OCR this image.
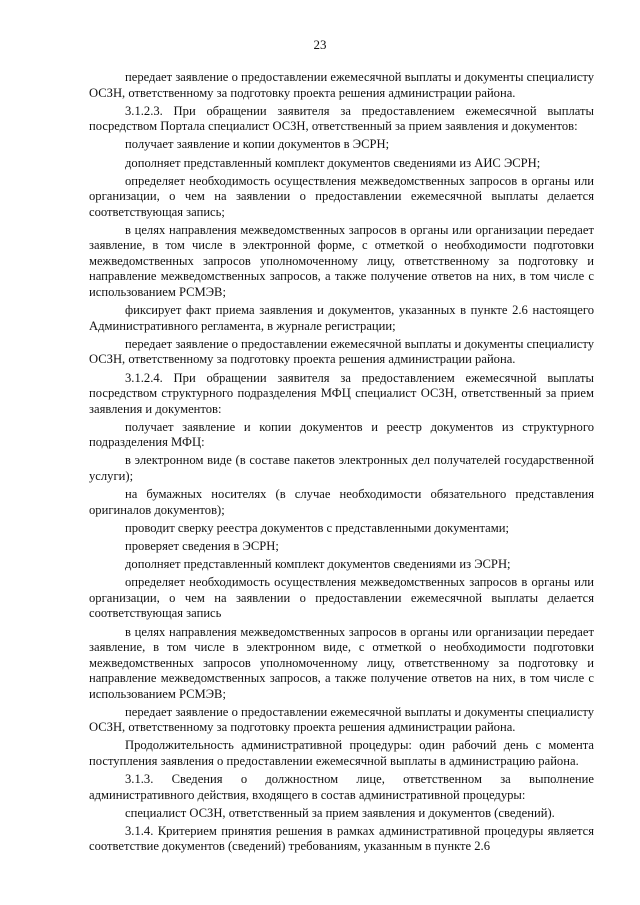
23

передает заявление о предоставлении ежемесячной выплаты и документы специалисту ОСЗН, ответственному за подготовку проекта решения администрации района.

3.1.2.3. При обращении заявителя за предоставлением ежемесячной выплаты посредством Портала специалист ОСЗН, ответственный за прием заявления и документов:

получает заявление и копии документов в ЭСРН;

дополняет представленный комплект документов сведениями из АИС ЭСРН;

определяет необходимость осуществления межведомственных запросов в органы или организации, о чем на заявлении о предоставлении ежемесячной выплаты делается соответствующая запись;

в целях направления межведомственных запросов в органы или организации передает заявление, в том числе в электронной форме, с отметкой о необходимости подготовки межведомственных запросов уполномоченному лицу, ответственному за подготовку и направление межведомственных запросов, а также получение ответов на них, в том числе с использованием РСМЭВ;

фиксирует факт приема заявления и документов, указанных в пункте 2.6 настоящего Административного регламента, в журнале регистрации;

передает заявление о предоставлении ежемесячной выплаты и документы специалисту ОСЗН, ответственному за подготовку проекта решения администрации района.

3.1.2.4. При обращении заявителя за предоставлением ежемесячной выплаты посредством структурного подразделения МФЦ специалист ОСЗН, ответственный за прием заявления и документов:

получает заявление и копии документов и реестр документов из структурного подразделения МФЦ:

в электронном виде (в составе пакетов электронных дел получателей государственной услуги);

на бумажных носителях (в случае необходимости обязательного представления оригиналов документов);

проводит сверку реестра документов с представленными документами;

проверяет сведения в ЭСРН;

дополняет представленный комплект документов сведениями из ЭСРН;

определяет необходимость осуществления межведомственных запросов в органы или организации, о чем на заявлении о предоставлении ежемесячной выплаты делается соответствующая запись

в целях направления межведомственных запросов в органы или организации передает заявление, в том числе в электронном виде, с отметкой о необходимости подготовки межведомственных запросов уполномоченному лицу, ответственному за подготовку и направление межведомственных запросов, а также получение ответов на них, в том числе с использованием РСМЭВ;

передает заявление о предоставлении ежемесячной выплаты и документы специалисту ОСЗН, ответственному за подготовку проекта решения администрации района.

Продолжительность административной процедуры: один рабочий день с момента поступления заявления о предоставлении ежемесячной выплаты в администрацию района.

3.1.3. Сведения о должностном лице, ответственном за выполнение административного действия, входящего в состав административной процедуры:

специалист ОСЗН, ответственный за прием заявления и документов (сведений).

3.1.4. Критерием принятия решения в рамках административной процедуры является соответствие документов (сведений) требованиям, указанным в пункте 2.6
